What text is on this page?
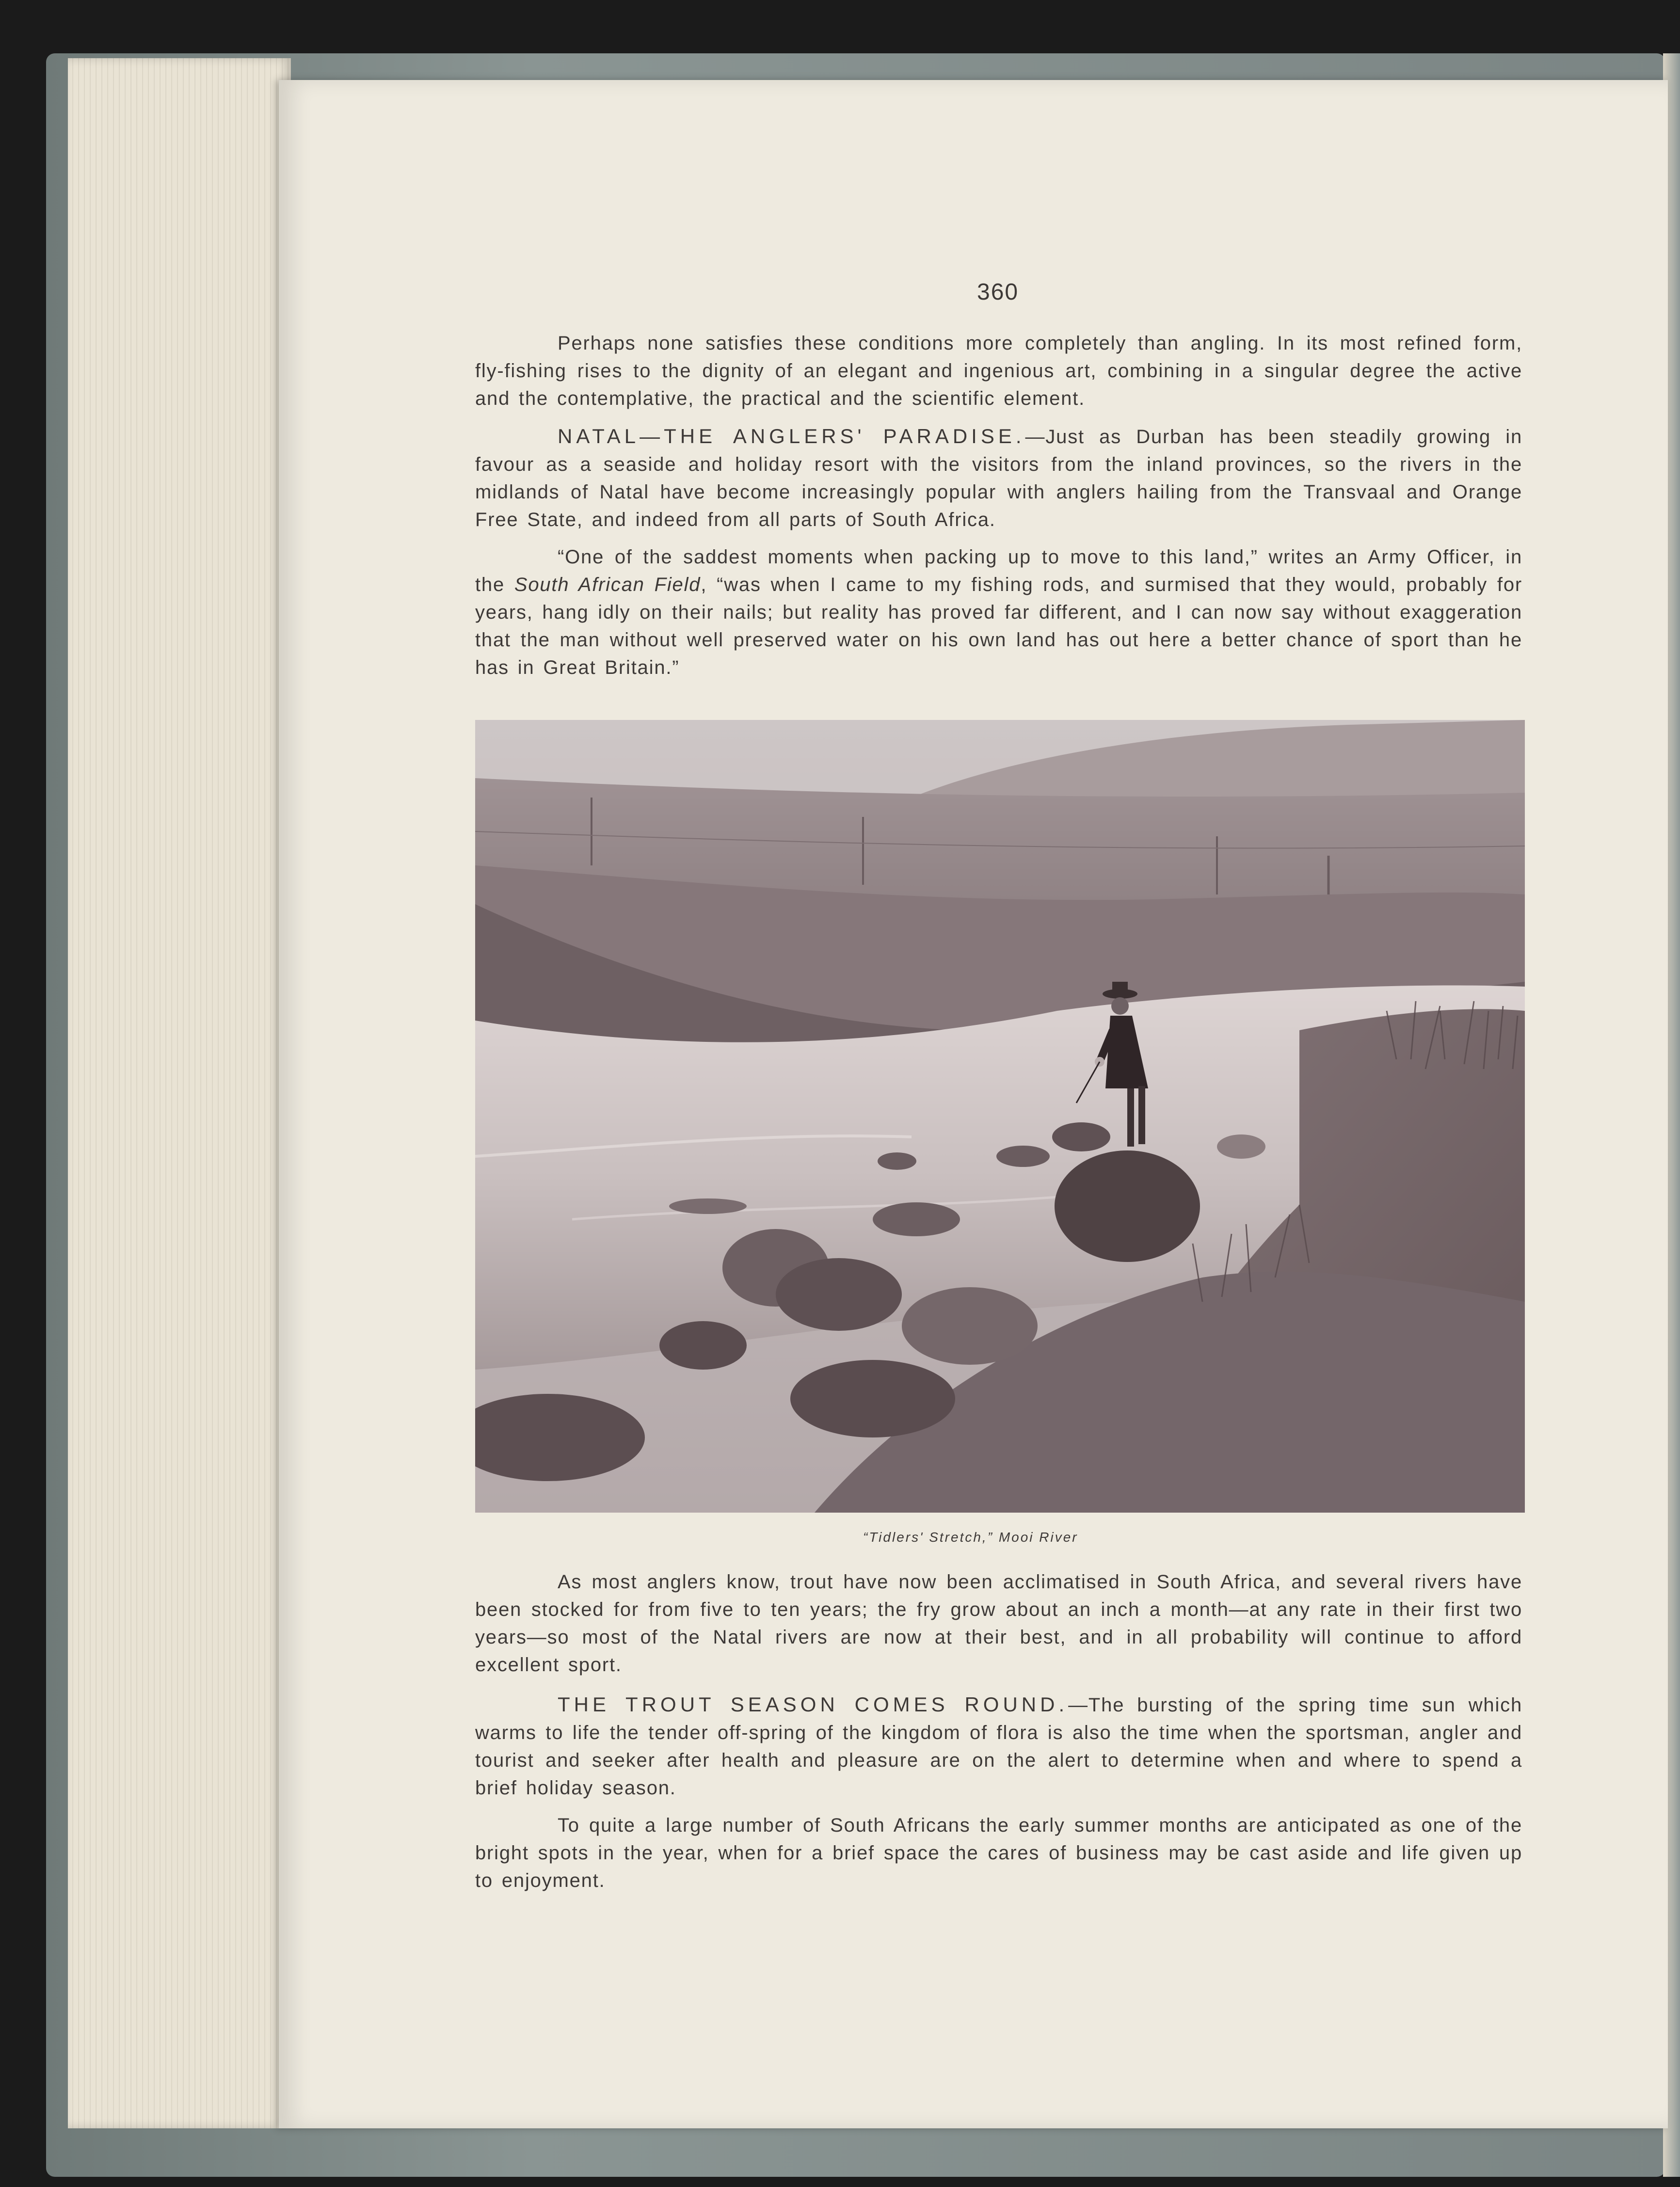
360

Perhaps none satisfies these conditions more completely than angling. In its most refined form, fly-fishing rises to the dignity of an elegant and ingenious art, combining in a singular degree the active and the contemplative, the practical and the scientific element.

NATAL—THE ANGLERS' PARADISE.—Just as Durban has been steadily growing in favour as a seaside and holiday resort with the visitors from the inland provinces, so the rivers in the midlands of Natal have become increasingly popular with anglers hailing from the Transvaal and Orange Free State, and indeed from all parts of South Africa.

“One of the saddest moments when packing up to move to this land,” writes an Army Officer, in the South African Field, “was when I came to my fishing rods, and surmised that they would, probably for years, hang idly on their nails; but reality has proved far different, and I can now say without exaggeration that the man without well preserved water on his own land has out here a better chance of sport than he has in Great Britain.”

“Tidlers' Stretch,” Mooi River

As most anglers know, trout have now been acclimatised in South Africa, and several rivers have been stocked for from five to ten years; the fry grow about an inch a month—at any rate in their first two years—so most of the Natal rivers are now at their best, and in all probability will continue to afford excellent sport.

THE TROUT SEASON COMES ROUND.—The bursting of the spring time sun which warms to life the tender off-spring of the kingdom of flora is also the time when the sportsman, angler and tourist and seeker after health and pleasure are on the alert to determine when and where to spend a brief holiday season.

To quite a large number of South Africans the early summer months are anticipated as one of the bright spots in the year, when for a brief space the cares of business may be cast aside and life given up to enjoyment.
